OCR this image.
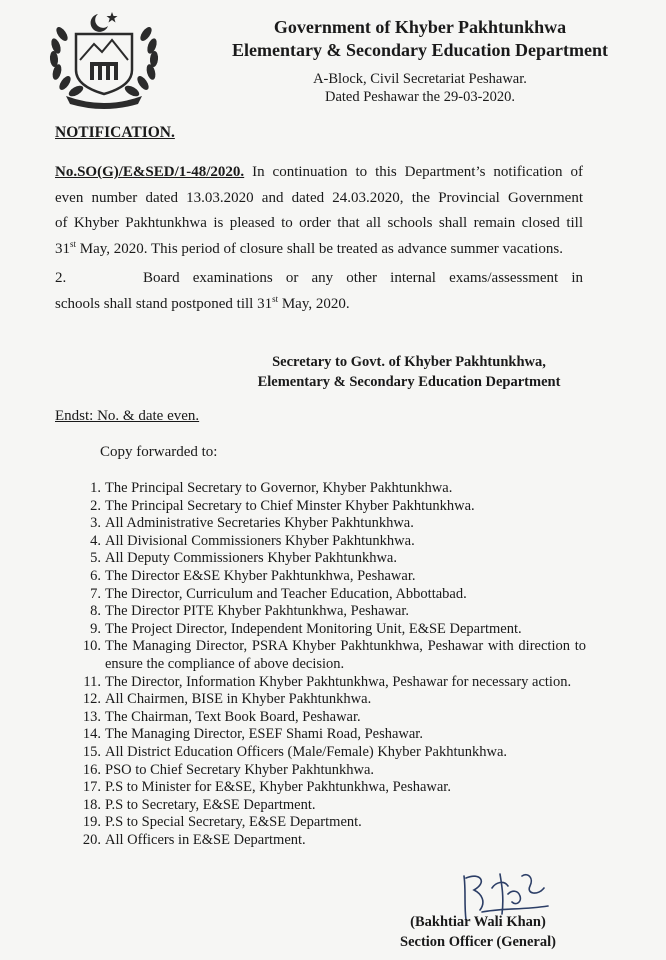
Government of Khyber Pakhtunkhwa
Elementary & Secondary Education Department
A-Block, Civil Secretariat Peshawar.
Dated Peshawar the 29-03-2020.
NOTIFICATION.
No.SO(G)/E&SED/1-48/2020. In continuation to this Department’s notification of
even number dated 13.03.2020 and dated 24.03.2020, the Provincial Government
of Khyber Pakhtunkhwa is pleased to order that all schools shall remain closed till
31st May, 2020. This period of closure shall be treated as advance summer vacations.
2.	Board examinations or any other internal exams/assessment in
schools shall stand postponed till 31st May, 2020.
Secretary to Govt. of Khyber Pakhtunkhwa,
Elementary & Secondary Education Department
Endst: No. & date even.
Copy forwarded to:
1. The Principal Secretary to Governor, Khyber Pakhtunkhwa.
2. The Principal Secretary to Chief Minster Khyber Pakhtunkhwa.
3. All Administrative Secretaries Khyber Pakhtunkhwa.
4. All Divisional Commissioners Khyber Pakhtunkhwa.
5. All Deputy Commissioners Khyber Pakhtunkhwa.
6. The Director E&SE Khyber Pakhtunkhwa, Peshawar.
7. The Director, Curriculum and Teacher Education, Abbottabad.
8. The Director PITE Khyber Pakhtunkhwa, Peshawar.
9. The Project Director, Independent Monitoring Unit, E&SE Department.
10. The Managing Director, PSRA Khyber Pakhtunkhwa, Peshawar with direction to ensure the compliance of above decision.
11. The Director, Information Khyber Pakhtunkhwa, Peshawar for necessary action.
12. All Chairmen, BISE in Khyber Pakhtunkhwa.
13. The Chairman, Text Book Board, Peshawar.
14. The Managing Director, ESEF Shami Road, Peshawar.
15. All District Education Officers (Male/Female) Khyber Pakhtunkhwa.
16. PSO to Chief Secretary Khyber Pakhtunkhwa.
17. P.S to Minister for E&SE, Khyber Pakhtunkhwa, Peshawar.
18. P.S to Secretary, E&SE Department.
19. P.S to Special Secretary, E&SE Department.
20. All Officers in E&SE Department.
(Bakhtiar Wali Khan)
Section Officer (General)
